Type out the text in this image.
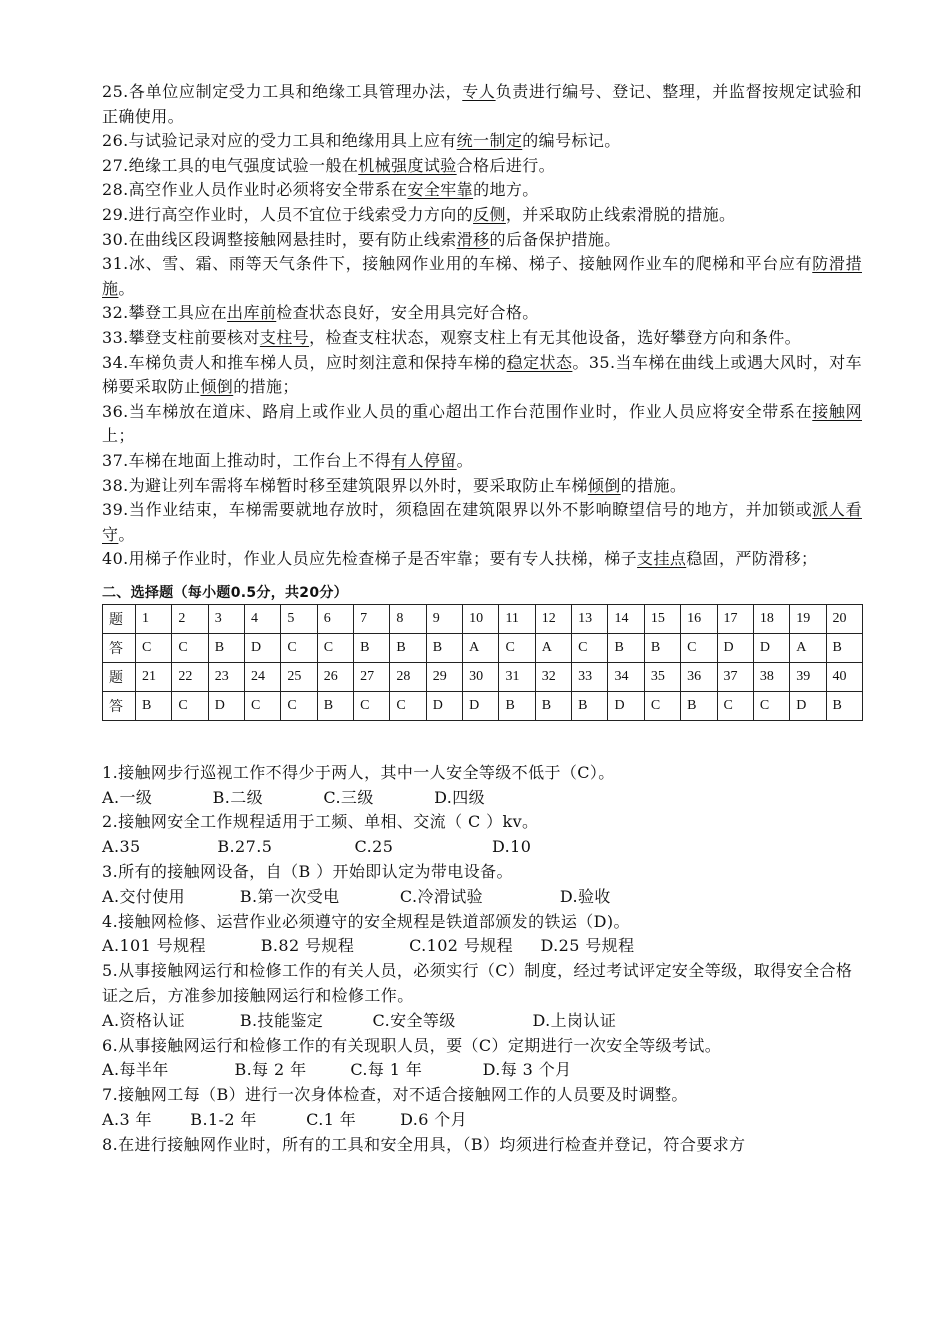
25.各单位应制定受力工具和绝缘工具管理办法，专人负责进行编号、登记、整理，并监督按规定试验和正确使用。

26.与试验记录对应的受力工具和绝缘用具上应有统一制定的编号标记。

27.绝缘工具的电气强度试验一般在机械强度试验合格后进行。

28.高空作业人员作业时必须将安全带系在安全牢靠的地方。

29.进行高空作业时，人员不宜位于线索受力方向的反侧，并采取防止线索滑脱的措施。

30.在曲线区段调整接触网悬挂时，要有防止线索滑移的后备保护措施。

31.冰、雪、霜、雨等天气条件下，接触网作业用的车梯、梯子、接触网作业车的爬梯和平台应有防滑措施。

32.攀登工具应在出库前检查状态良好，安全用具完好合格。

33.攀登支柱前要核对支柱号，检查支柱状态，观察支柱上有无其他设备，选好攀登方向和条件。

34.车梯负责人和推车梯人员，应时刻注意和保持车梯的稳定状态。35.当车梯在曲线上或遇大风时，对车梯要采取防止倾倒的措施；

36.当车梯放在道床、路肩上或作业人员的重心超出工作台范围作业时，作业人员应将安全带系在接触网上；

37.车梯在地面上推动时，工作台上不得有人停留。

38.为避让列车需将车梯暂时移至建筑限界以外时，要采取防止车梯倾倒的措施。

39.当作业结束，车梯需要就地存放时，须稳固在建筑限界以外不影响瞭望信号的地方，并加锁或派人看守。

40.用梯子作业时，作业人员应先检查梯子是否牢靠；要有专人扶梯，梯子支挂点稳固，严防滑移；

二、选择题（每小题0.5分，共20分）
题	1	2	3	4	5	6	7	8	9	10	11	12	13	14	15	16	17	18	19	20
答	C	C	B	D	C	C	B	B	B	A	C	A	C	B	B	C	D	D	A	B
题	21	22	23	24	25	26	27	28	29	30	31	32	33	34	35	36	37	38	39	40
答	B	C	D	C	C	B	C	C	D	D	B	B	B	D	C	B	C	C	D	B

1.接触网步行巡视工作不得少于两人，其中一人安全等级不低于（C）。

A.一级           B.二级           C.三级           D.四级

2.接触网安全工作规程适用于工频、单相、交流（ C ）kv。

A.35              B.27.5               C.25                  D.10

3.所有的接触网设备，自（B ）开始即认定为带电设备。

A.交付使用          B.第一次受电           C.冷滑试验              D.验收

4.接触网检修、运营作业必须遵守的安全规程是铁道部颁发的铁运（D)。

A.101 号规程          B.82 号规程          C.102 号规程     D.25 号规程

5.从事接触网运行和检修工作的有关人员，必须实行（C）制度，经过考试评定安全等级，取得安全合格证之后，方准参加接触网运行和检修工作。

A.资格认证          B.技能鉴定         C.安全等级              D.上岗认证

6.从事接触网运行和检修工作的有关现职人员，要（C）定期进行一次安全等级考试。

A.每半年            B.每 2 年        C.每 1 年           D.每 3 个月

7.接触网工每（B）进行一次身体检查，对不适合接触网工作的人员要及时调整。

A.3 年       B.1-2 年         C.1 年        D.6 个月

8.在进行接触网作业时，所有的工具和安全用具，（B）均须进行检查并登记，符合要求方
